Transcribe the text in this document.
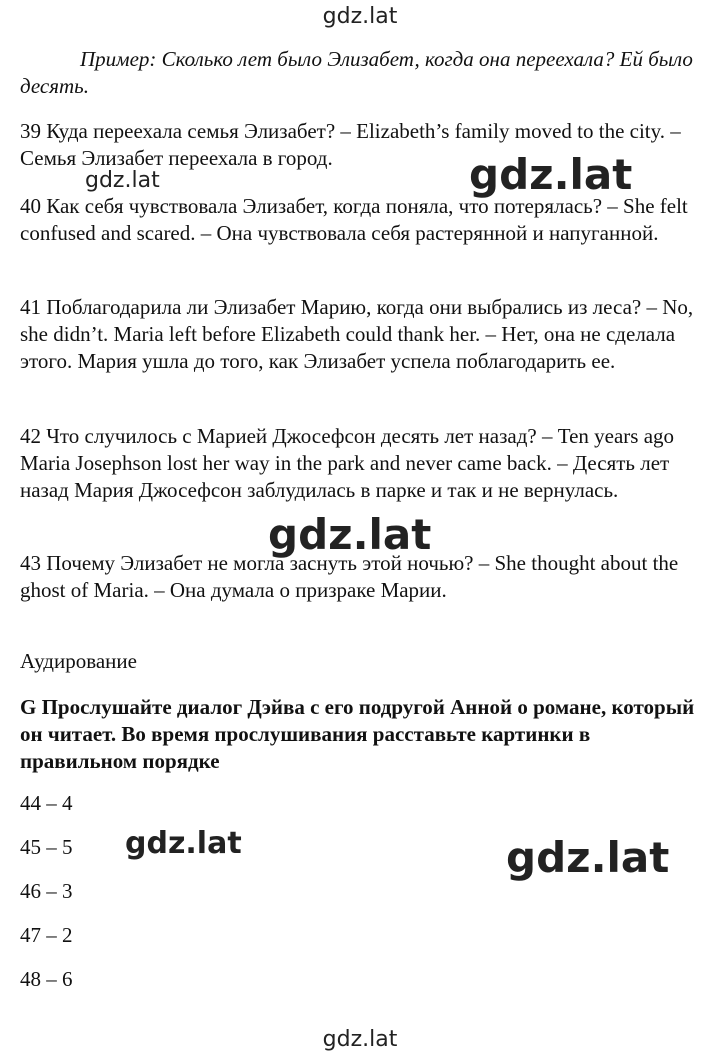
gdz.lat
Пример: Сколько лет было Элизабет, когда она переехала? Ей было десять.
39 Куда переехала семья Элизабет? – Elizabeth’s family moved to the city. – Семья Элизабет переехала в город.
gdz.lat	gdz.lat
40 Как себя чувствовала Элизабет, когда поняла, что потерялась? – She felt confused and scared. – Она чувствовала себя растерянной и напуганной.
41 Поблагодарила ли Элизабет Марию, когда они выбрались из леса? – No, she didn’t. Maria left before Elizabeth could thank her. – Нет, она не сделала этого. Мария ушла до того, как Элизабет успела поблагодарить ее.
42 Что случилось с Марией Джосефсон десять лет назад? – Ten years ago Maria Josephson lost her way in the park and never came back. – Десять лет назад Мария Джосефсон заблудилась в парке и так и не вернулась.
gdz.lat
43 Почему Элизабет не могла заснуть этой ночью? – She thought about the ghost of Maria. – Она думала о призраке Марии.
Аудирование
G Прослушайте диалог Дэйва с его подругой Анной о романе, который он читает. Во время прослушивания расставьте картинки в правильном порядке
44 – 4
45 – 5
46 – 3
47 – 2
48 – 6
gdz.lat	gdz.lat
gdz.lat
